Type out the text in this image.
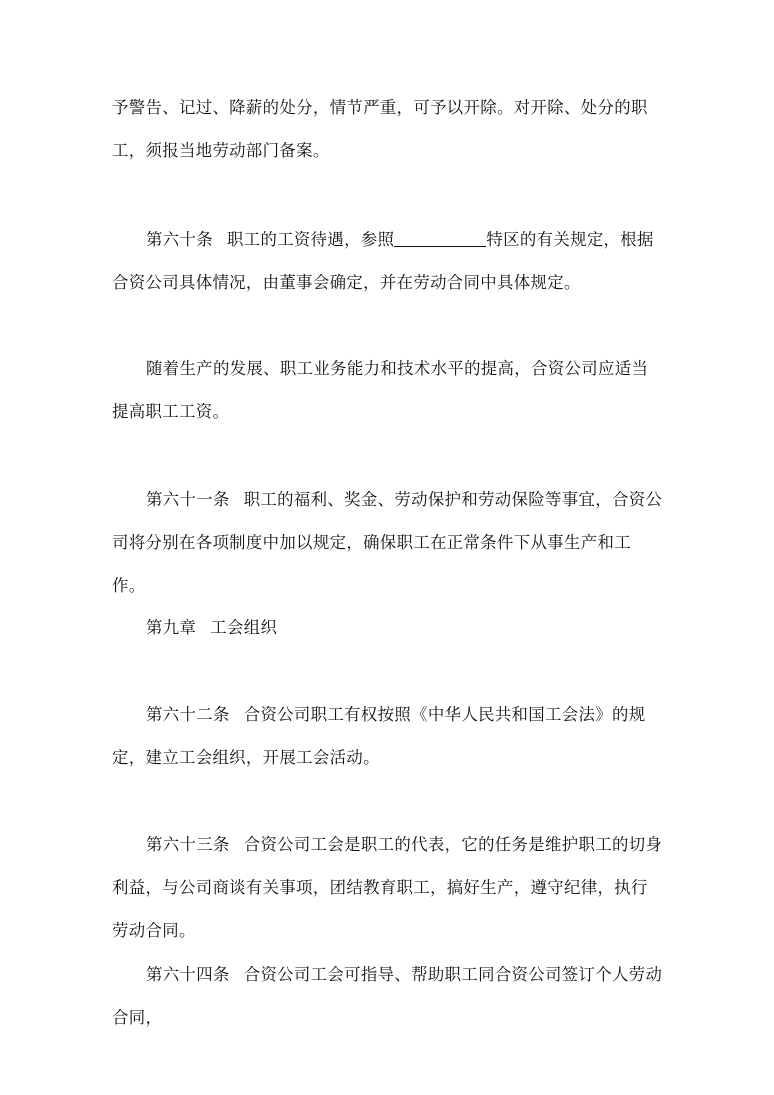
予警告、记过、降薪的处分，情节严重，可予以开除。对开除、处分的职工，须报当地劳动部门备案。

第六十条 职工的工资待遇，参照	特区的有关规定，根据合资公司具体情况，由董事会确定，并在劳动合同中具体规定。

随着生产的发展、职工业务能力和技术水平的提高，合资公司应适当提高职工工资。

第六十一条 职工的福利、奖金、劳动保护和劳动保险等事宜，合资公司将分别在各项制度中加以规定，确保职工在正常条件下从事生产和工作。

第九章 工会组织

第六十二条 合资公司职工有权按照《中华人民共和国工会法》的规定，建立工会组织，开展工会活动。

第六十三条 合资公司工会是职工的代表，它的任务是维护职工的切身利益，与公司商谈有关事项，团结教育职工，搞好生产，遵守纪律，执行劳动合同。

第六十四条 合资公司工会可指导、帮助职工同合资公司签订个人劳动合同，
